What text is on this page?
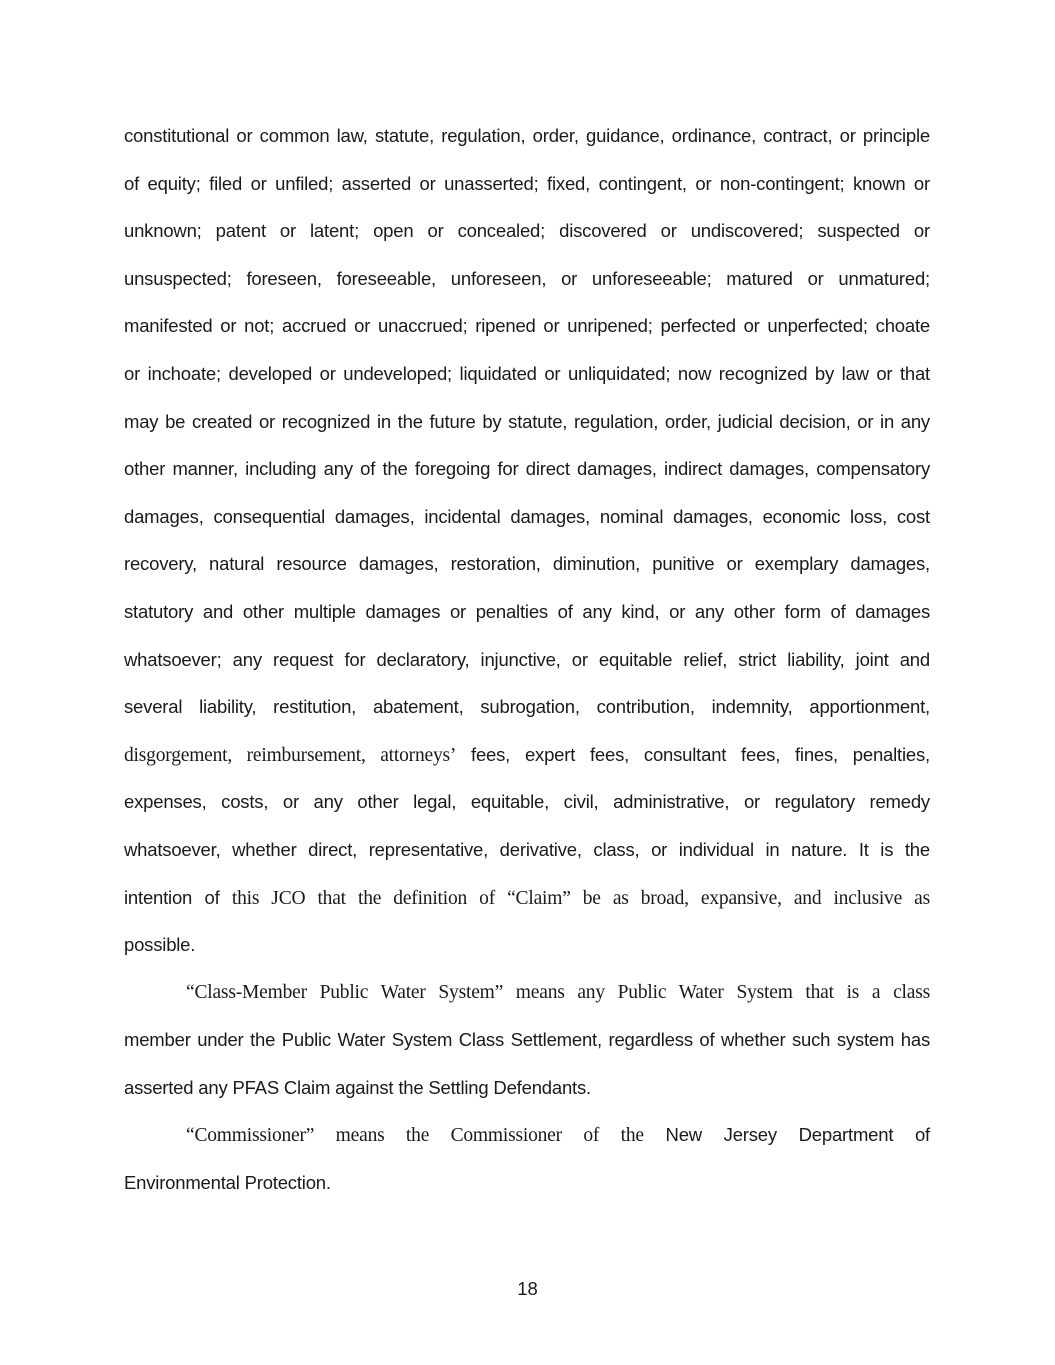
constitutional or common law, statute, regulation, order, guidance, ordinance, contract, or principle
of equity; filed or unfiled; asserted or unasserted; fixed, contingent, or non-contingent; known or
unknown; patent or latent; open or concealed; discovered or undiscovered; suspected or
unsuspected; foreseen, foreseeable, unforeseen, or unforeseeable; matured or unmatured;
manifested or not; accrued or unaccrued; ripened or unripened; perfected or unperfected; choate
or inchoate; developed or undeveloped; liquidated or unliquidated; now recognized by law or that
may be created or recognized in the future by statute, regulation, order, judicial decision, or in any
other manner, including any of the foregoing for direct damages, indirect damages, compensatory
damages, consequential damages, incidental damages, nominal damages, economic loss, cost
recovery, natural resource damages, restoration, diminution, punitive or exemplary damages,
statutory and other multiple damages or penalties of any kind, or any other form of damages
whatsoever; any request for declaratory, injunctive, or equitable relief, strict liability, joint and
several liability, restitution, abatement, subrogation, contribution, indemnity, apportionment,
disgorgement, reimbursement, attorneys’ fees, expert fees, consultant fees, fines, penalties,
expenses, costs, or any other legal, equitable, civil, administrative, or regulatory remedy
whatsoever, whether direct, representative, derivative, class, or individual in nature. It is the
intention of this JCO that the definition of “Claim” be as broad, expansive, and inclusive as
possible.
“Class-Member Public Water System” means any Public Water System that is a class
member under the Public Water System Class Settlement, regardless of whether such system has
asserted any PFAS Claim against the Settling Defendants.
“Commissioner” means the Commissioner of the New Jersey Department of
Environmental Protection.
18
